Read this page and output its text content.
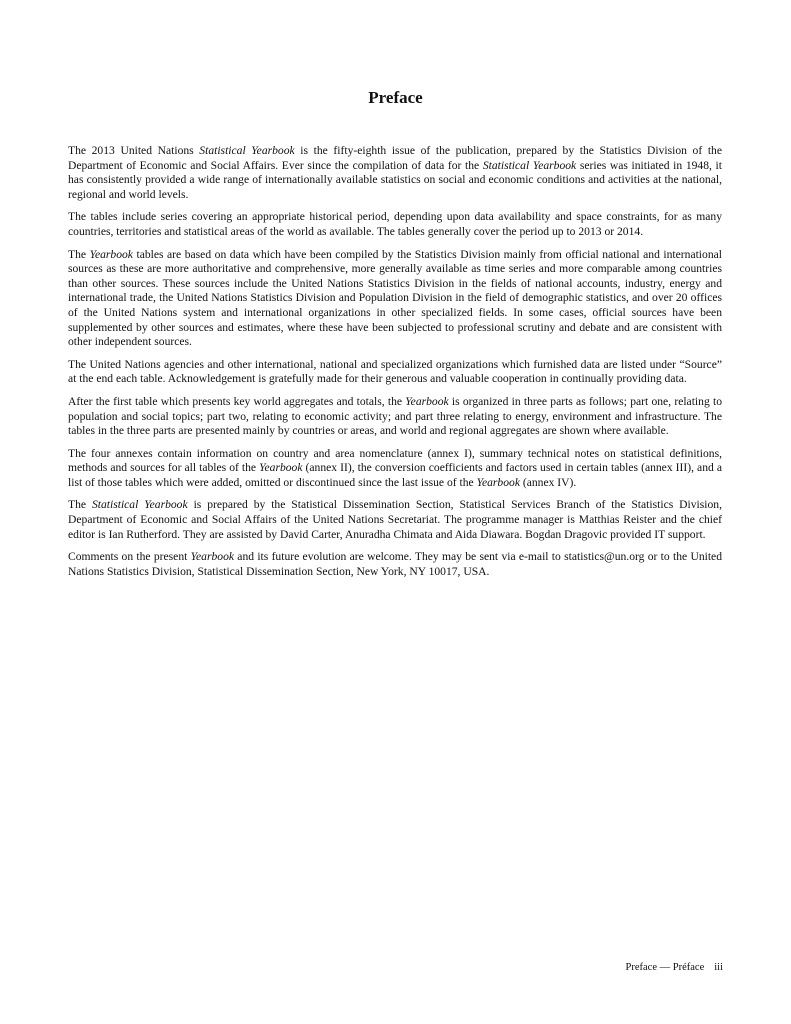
Preface

The 2013 United Nations Statistical Yearbook is the fifty-eighth issue of the publication, prepared by the Statistics Division of the Department of Economic and Social Affairs. Ever since the compilation of data for the Statistical Yearbook series was initiated in 1948, it has consistently provided a wide range of internationally available statistics on social and economic conditions and activities at the national, regional and world levels.

The tables include series covering an appropriate historical period, depending upon data availability and space constraints, for as many countries, territories and statistical areas of the world as available. The tables generally cover the period up to 2013 or 2014.

The Yearbook tables are based on data which have been compiled by the Statistics Division mainly from official national and international sources as these are more authoritative and comprehensive, more generally available as time series and more comparable among countries than other sources. These sources include the United Nations Statistics Division in the fields of national accounts, industry, energy and international trade, the United Nations Statistics Division and Population Division in the field of demographic statistics, and over 20 offices of the United Nations system and international organizations in other specialized fields. In some cases, official sources have been supplemented by other sources and estimates, where these have been subjected to professional scrutiny and debate and are consistent with other independent sources.

The United Nations agencies and other international, national and specialized organizations which furnished data are listed under “Source” at the end each table. Acknowledgement is gratefully made for their generous and valuable cooperation in continually providing data.

After the first table which presents key world aggregates and totals, the Yearbook is organized in three parts as follows; part one, relating to population and social topics; part two, relating to economic activity; and part three relating to energy, environment and infrastructure. The tables in the three parts are presented mainly by countries or areas, and world and regional aggregates are shown where available.

The four annexes contain information on country and area nomenclature (annex I), summary technical notes on statistical definitions, methods and sources for all tables of the Yearbook (annex II), the conversion coefficients and factors used in certain tables (annex III), and a list of those tables which were added, omitted or discontinued since the last issue of the Yearbook (annex IV).

The Statistical Yearbook is prepared by the Statistical Dissemination Section, Statistical Services Branch of the Statistics Division, Department of Economic and Social Affairs of the United Nations Secretariat. The programme manager is Matthias Reister and the chief editor is Ian Rutherford. They are assisted by David Carter, Anuradha Chimata and Aida Diawara. Bogdan Dragovic provided IT support.

Comments on the present Yearbook and its future evolution are welcome. They may be sent via e-mail to statistics@un.org or to the United Nations Statistics Division, Statistical Dissemination Section, New York, NY 10017, USA.

Preface — Préface iii
